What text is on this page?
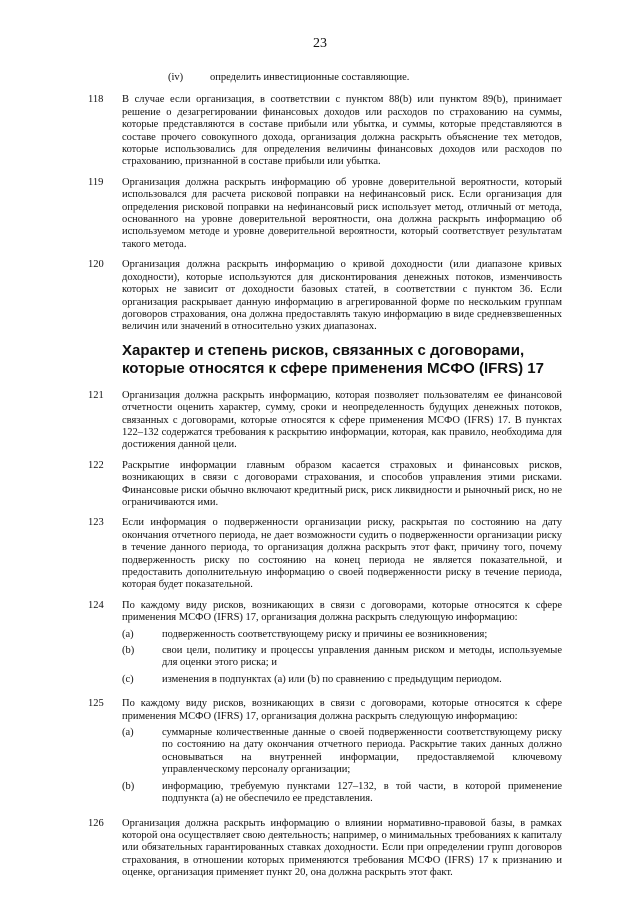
23
(iv)	определить инвестиционные составляющие.
118	В случае если организация, в соответствии с пунктом 88(b) или пунктом 89(b), принимает решение о дезагрегировании финансовых доходов или расходов по страхованию на суммы, которые представляются в составе прибыли или убытка, и суммы, которые представляются в составе прочего совокупного дохода, организация должна раскрыть объяснение тех методов, которые использовались для определения величины финансовых доходов или расходов по страхованию, признанной в составе прибыли или убытка.
119	Организация должна раскрыть информацию об уровне доверительной вероятности, который использовался для расчета рисковой поправки на нефинансовый риск. Если организация для определения рисковой поправки на нефинансовый риск использует метод, отличный от метода, основанного на уровне доверительной вероятности, она должна раскрыть информацию об используемом методе и уровне доверительной вероятности, который соответствует результатам такого метода.
120	Организация должна раскрыть информацию о кривой доходности (или диапазоне кривых доходности), которые используются для дисконтирования денежных потоков, изменчивость которых не зависит от доходности базовых статей, в соответствии с пунктом 36. Если организация раскрывает данную информацию в агрегированной форме по нескольким группам договоров страхования, она должна предоставлять такую информацию в виде средневзвешенных величин или значений в относительно узких диапазонах.
Характер и степень рисков, связанных с договорами, которые относятся к сфере применения МСФО (IFRS) 17
121	Организация должна раскрыть информацию, которая позволяет пользователям ее финансовой отчетности оценить характер, сумму, сроки и неопределенность будущих денежных потоков, связанных с договорами, которые относятся к сфере применения МСФО (IFRS) 17. В пунктах 122–132 содержатся требования к раскрытию информации, которая, как правило, необходима для достижения данной цели.
122	Раскрытие информации главным образом касается страховых и финансовых рисков, возникающих в связи с договорами страхования, и способов управления этими рисками. Финансовые риски обычно включают кредитный риск, риск ликвидности и рыночный риск, но не ограничиваются ими.
123	Если информация о подверженности организации риску, раскрытая по состоянию на дату окончания отчетного периода, не дает возможности судить о подверженности организации риску в течение данного периода, то организация должна раскрыть этот факт, причину того, почему подверженность риску по состоянию на конец периода не является показательной, и предоставить дополнительную информацию о своей подверженности риску в течение периода, которая будет показательной.
124	По каждому виду рисков, возникающих в связи с договорами, которые относятся к сфере применения МСФО (IFRS) 17, организация должна раскрыть следующую информацию:
(a)	подверженность соответствующему риску и причины ее возникновения;
(b)	свои цели, политику и процессы управления данным риском и методы, используемые для оценки этого риска; и
(c)	изменения в подпунктах (a) или (b) по сравнению с предыдущим периодом.
125	По каждому виду рисков, возникающих в связи с договорами, которые относятся к сфере применения МСФО (IFRS) 17, организация должна раскрыть следующую информацию:
(a)	суммарные количественные данные о своей подверженности соответствующему риску по состоянию на дату окончания отчетного периода. Раскрытие таких данных должно основываться на внутренней информации, предоставляемой ключевому управленческому персоналу организации;
(b)	информацию, требуемую пунктами 127–132, в той части, в которой применение подпункта (a) не обеспечило ее представления.
126	Организация должна раскрыть информацию о влиянии нормативно-правовой базы, в рамках которой она осуществляет свою деятельность; например, о минимальных требованиях к капиталу или обязательных гарантированных ставках доходности. Если при определении групп договоров страхования, в отношении которых применяются требования МСФО (IFRS) 17 к признанию и оценке, организация применяет пункт 20, она должна раскрыть этот факт.
